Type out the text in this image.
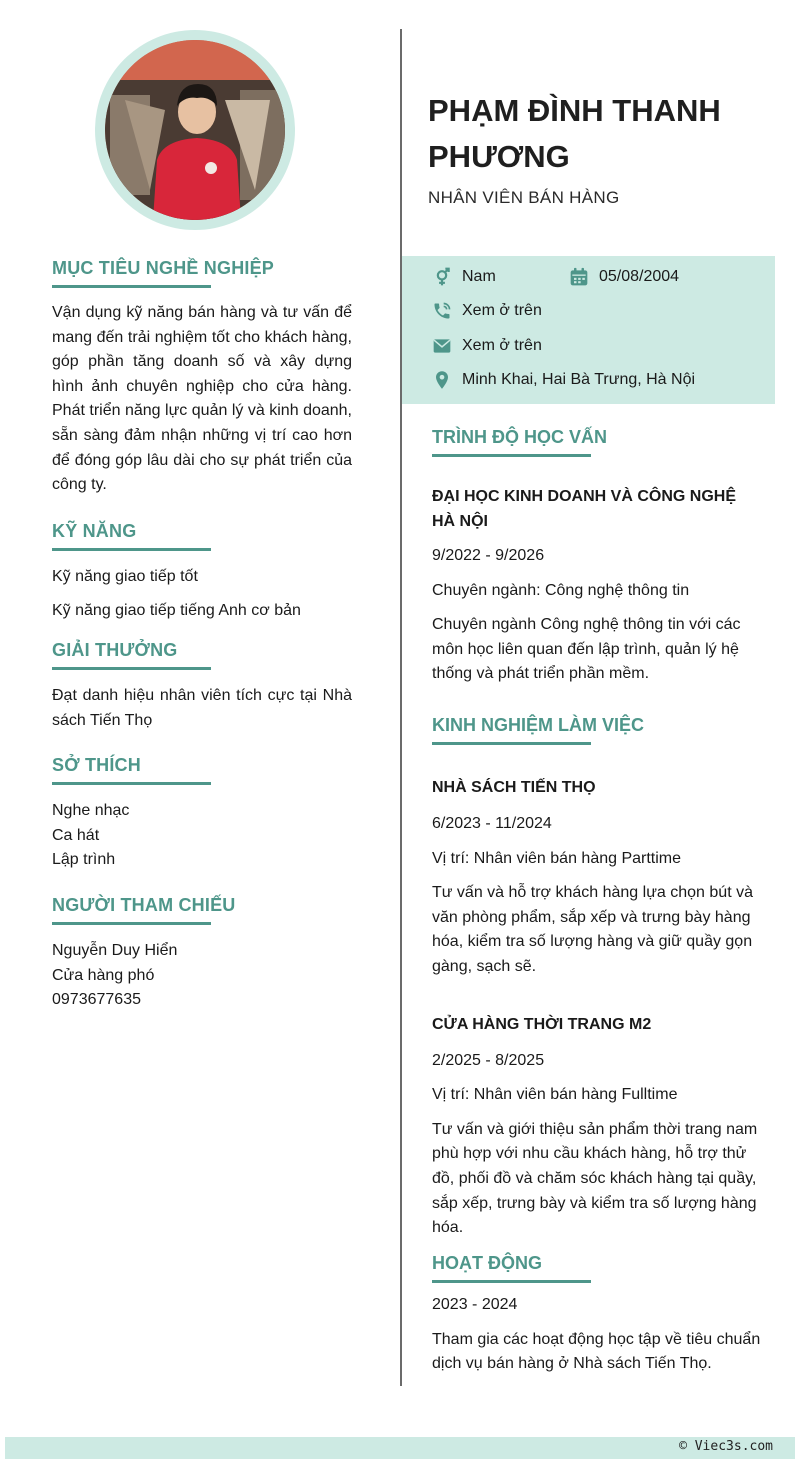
MỤC TIÊU NGHỀ NGHIỆP

Vận dụng kỹ năng bán hàng và tư vấn để mang đến trải nghiệm tốt cho khách hàng, góp phần tăng doanh số và xây dựng hình ảnh chuyên nghiệp cho cửa hàng. Phát triển năng lực quản lý và kinh doanh, sẵn sàng đảm nhận những vị trí cao hơn để đóng góp lâu dài cho sự phát triển của công ty.

KỸ NĂNG
Kỹ năng giao tiếp tốt
Kỹ năng giao tiếp tiếng Anh cơ bản
GIẢI THƯỞNG

Đạt danh hiệu nhân viên tích cực tại Nhà sách Tiến Thọ

SỞ THÍCH
Nghe nhạc
Ca hát
Lập trình
NGƯỜI THAM CHIẾU
Nguyễn Duy Hiển
Cửa hàng phó
0973677635
PHẠM ĐÌNH THANH PHƯƠNG
NHÂN VIÊN BÁN HÀNG
Nam	05/08/2004
Xem ở trên
Xem ở trên
Minh Khai, Hai Bà Trưng, Hà Nội
TRÌNH ĐỘ HỌC VẤN
ĐẠI HỌC KINH DOANH VÀ CÔNG NGHỆ HÀ NỘI
9/2022 - 9/2026
Chuyên ngành: Công nghệ thông tin

Chuyên ngành Công nghệ thông tin với các môn học liên quan đến lập trình, quản lý hệ thống và phát triển phần mềm.

KINH NGHIỆM LÀM VIỆC
NHÀ SÁCH TIẾN THỌ
6/2023 - 11/2024
Vị trí: Nhân viên bán hàng Parttime

Tư vấn và hỗ trợ khách hàng lựa chọn bút và văn phòng phẩm, sắp xếp và trưng bày hàng hóa, kiểm tra số lượng hàng và giữ quầy gọn gàng, sạch sẽ.

CỬA HÀNG THỜI TRANG M2
2/2025 - 8/2025
Vị trí: Nhân viên bán hàng Fulltime

Tư vấn và giới thiệu sản phẩm thời trang nam phù hợp với nhu cầu khách hàng, hỗ trợ thử đồ, phối đồ và chăm sóc khách hàng tại quầy, sắp xếp, trưng bày và kiểm tra số lượng hàng hóa.

HOẠT ĐỘNG
2023 - 2024

Tham gia các hoạt động học tập về tiêu chuẩn dịch vụ bán hàng ở Nhà sách Tiến Thọ.

© Viec3s.com
